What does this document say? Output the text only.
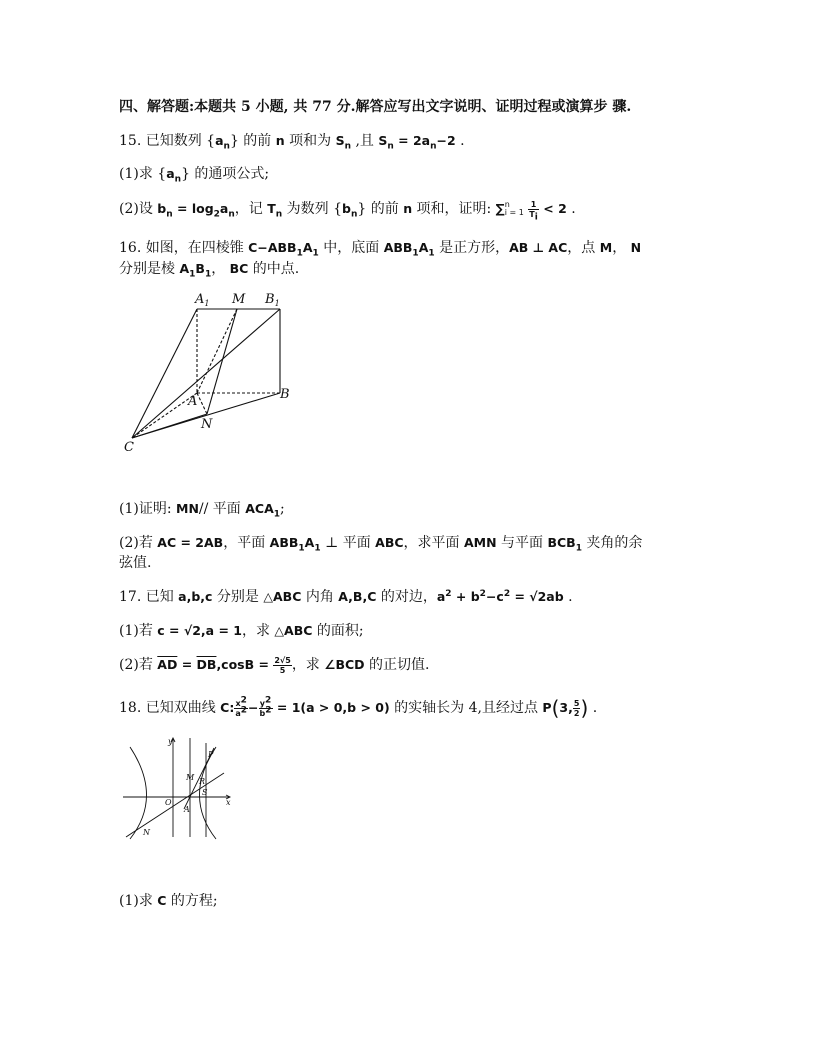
四、解答题:本题共 5 小题, 共 77 分.解答应写出文字说明、证明过程或演算步 骤.
15. 已知数列 $\{a_n\}$ 的前 n 项和为 $S_n$ ,且 $S_n = 2a_n-2$ .
(1)求 $\{a_n\}$ 的通项公式;
(2)设 $b_n = \log_2a_n$，记 $T_n$ 为数列 $\{b_n\}$ 的前 n 项和，证明: ∑ n
i = 1
$\frac{1}{T_i} < 2$ .
16. 如图，在四棱锥 $C-ABB_1A_1$ 中，底面 $ABB_1A_1$ 是正方形，AB ⊥ AC，点 M， N
分别是棱 $A_1B_1$， BC 的中点.
$A_1$ M $B_1$
A	B
N
C
(1)证明: MN// 平面 $ACA_1$;
(2)若 AC = 2AB，平面 $ABB_1A_1$ ⊥ 平面 ABC，求平面 AMN 与平面 $BCB_1$ 夹角的余
弦值.
17. 已知 a,b,c 分别是 △ABC 内角 A,B,C 的对边，$a^2 + b^2-c^2 = √2ab$ .
(1)若 c = √2,a = 1，求 △ABC 的面积;
(2)若 $\overline{AD} = \overline{DB},\cos B = \frac{2√5}{5}$ ，求 ∠BCD 的正切值.
18. 已知双曲线 C: $\frac{x^2}{a^2} - \frac{y^2}{b^2} = 1(a > 0,b > 0)$ 的实轴长为 4,且经过点 P(3, $\frac{5}{2}$ ) .
y
x
O
A
M R
S
P
N
(1)求 C 的方程;
